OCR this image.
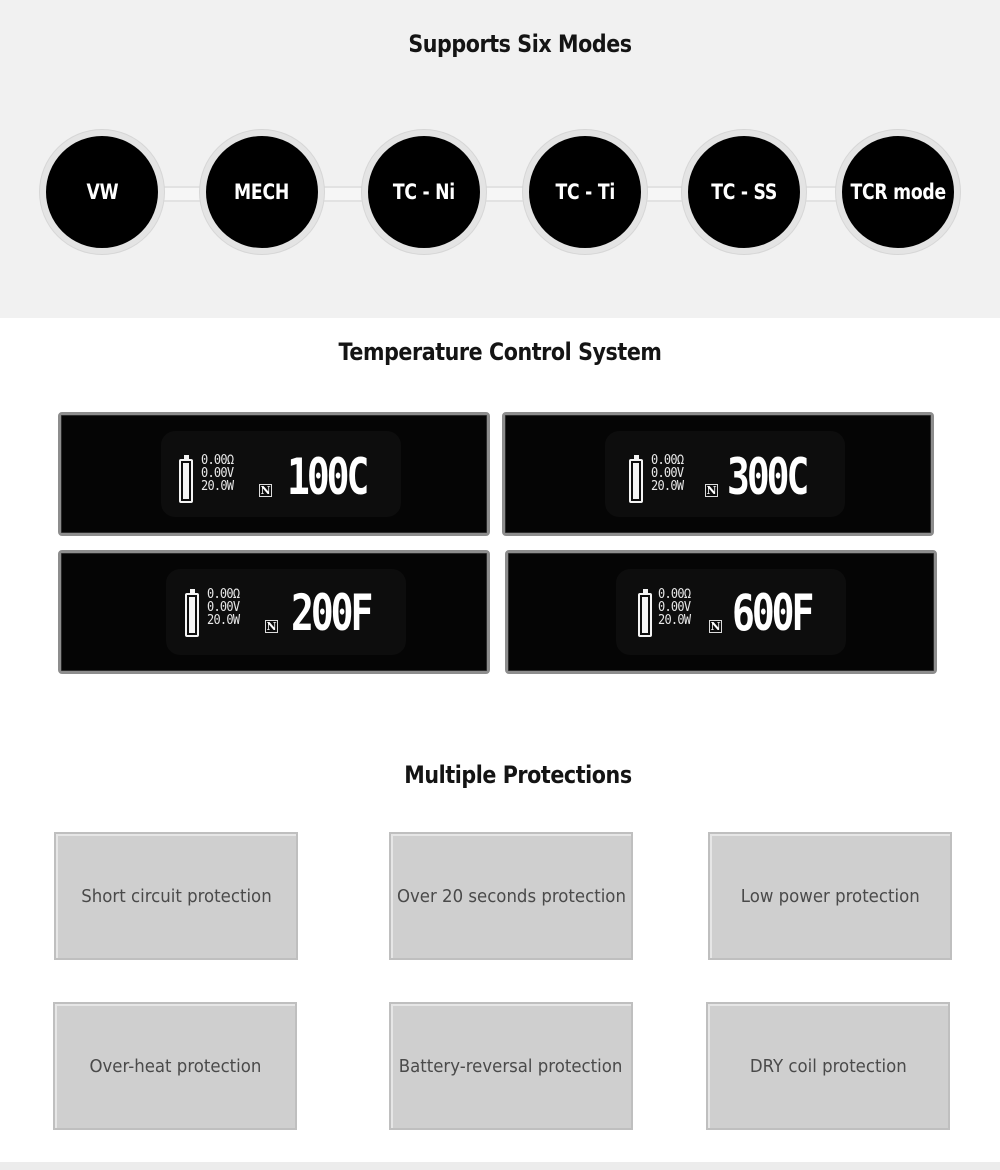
Supports Six Modes
VW	MECH	TC - Ni	TC - Ti	TC - SS	TCR mode
Temperature Control System
0.00Ω
0.00V
20.0W N 100C	0.00Ω
0.00V
20.0W N 300C
0.00Ω
0.00V
20.0W N 200F	0.00Ω
0.00V
20.0W N 600F
Multiple Protections
Short circuit protection	Over 20 seconds protection	Low power protection
Over-heat protection	Battery-reversal protection	DRY coil protection
